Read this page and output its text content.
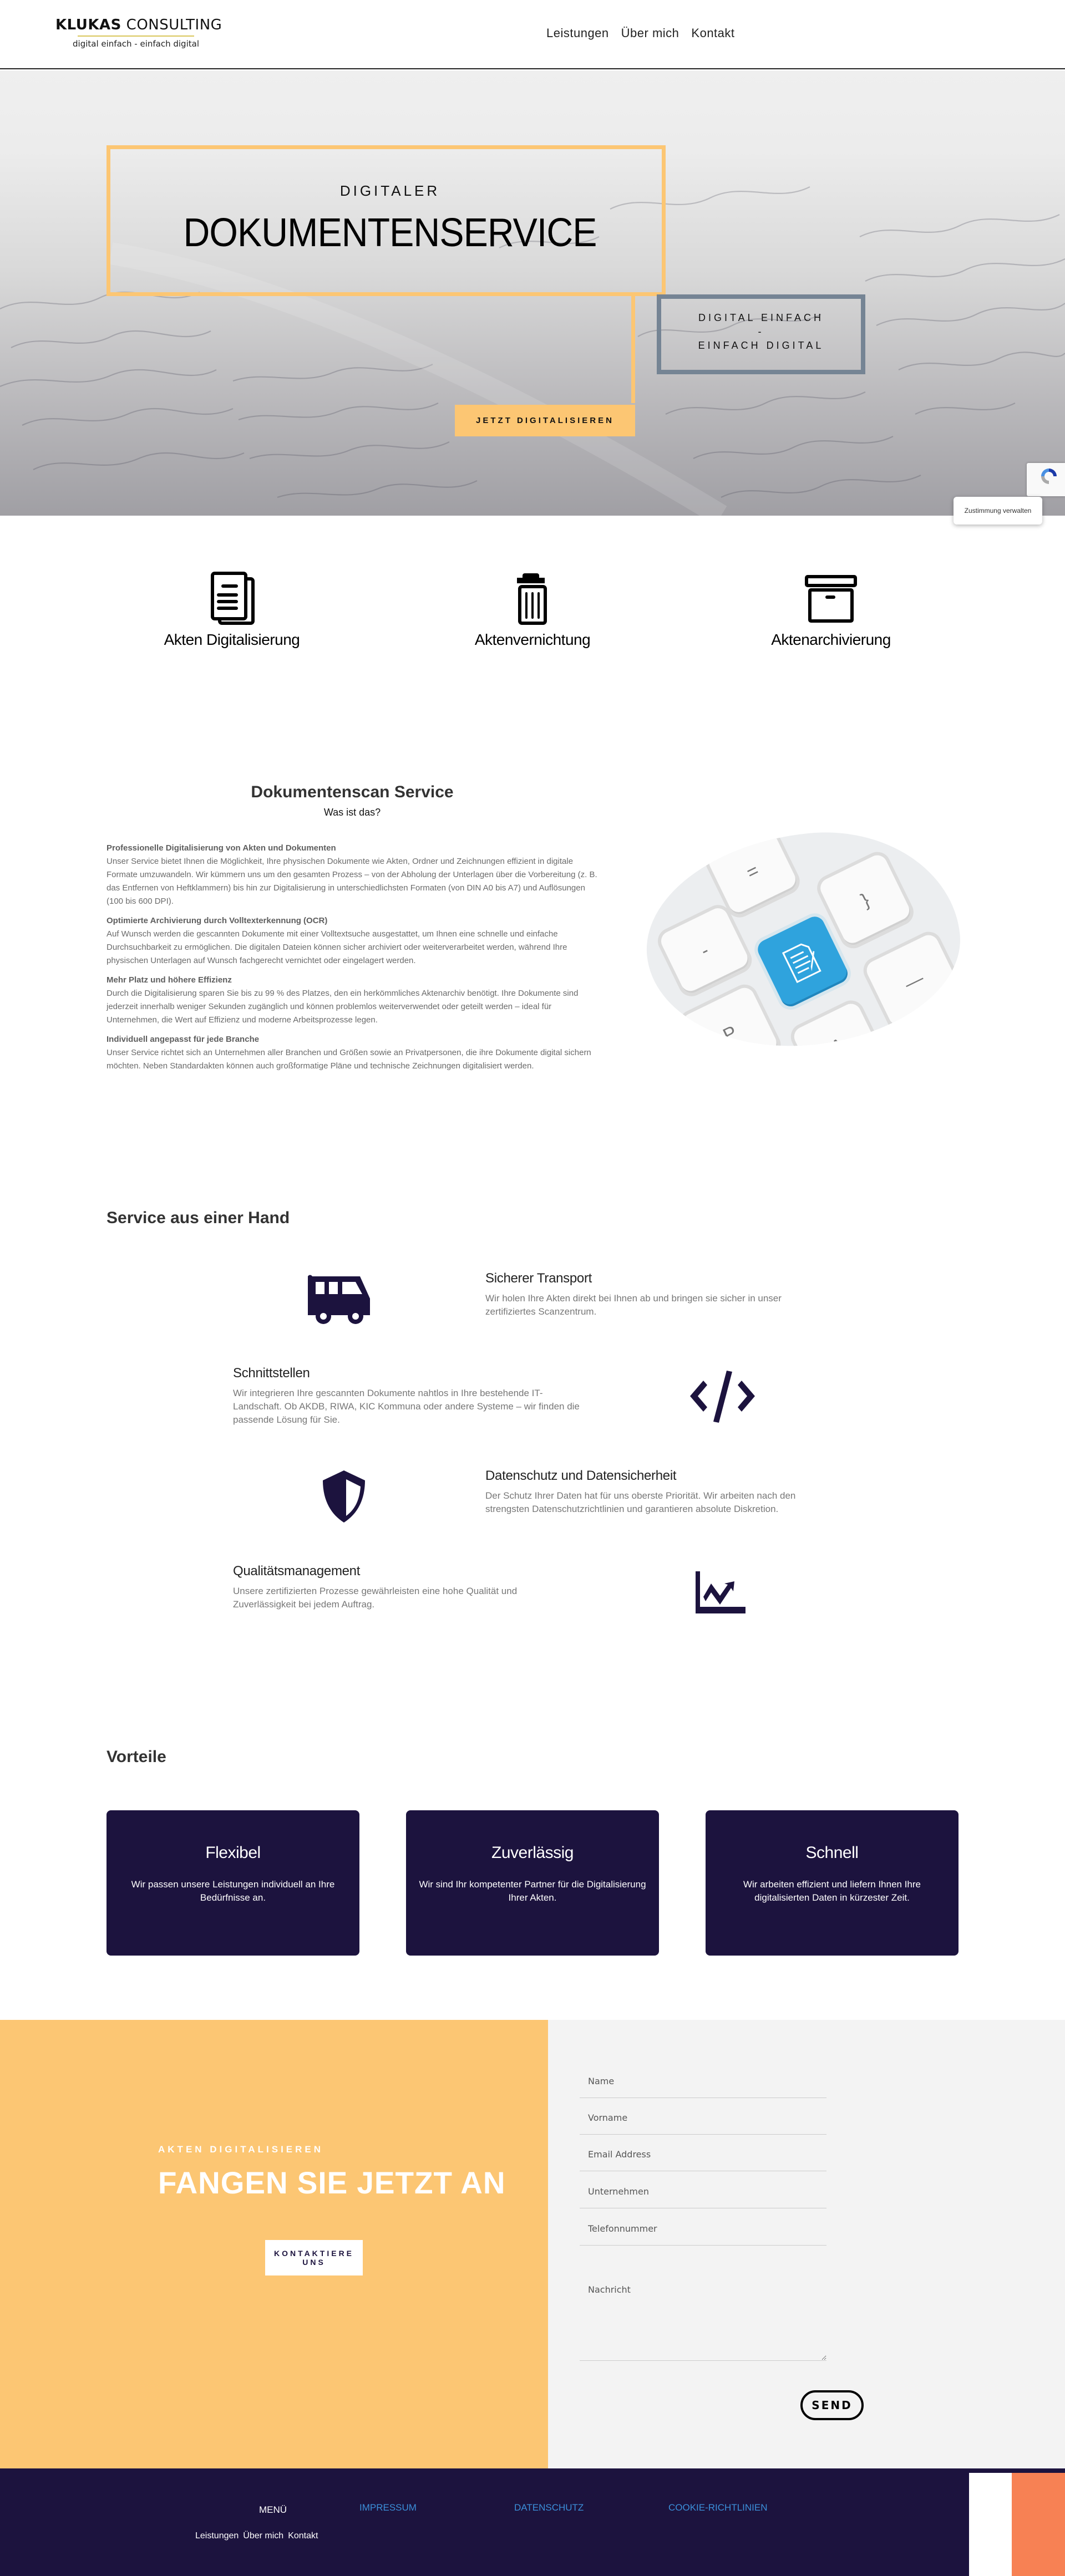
KLUKAS CONSULTING
digital einfach - einfach digital
Leistungen Über mich Kontakt
DIGITALER
DOKUMENTENSERVICE
DIGITAL EINFACH
-
EINFACH DIGITAL
JETZT DIGITALISIEREN
Zustimmung verwalten
Akten Digitalisierung	Aktenvernichtung	Aktenarchivierung
Dokumentenscan Service
Was ist das?

Professionelle Digitalisierung von Akten und Dokumenten
Unser Service bietet Ihnen die Möglichkeit, Ihre physischen Dokumente wie Akten, Ordner und Zeichnungen effizient in digitale Formate umzuwandeln. Wir kümmern uns um den gesamten Prozess – von der Abholung der Unterlagen über die Vorbereitung (z. B. das Entfernen von Heftklammern) bis hin zur Digitalisierung in unterschiedlichsten Formaten (von DIN A0 bis A7) und Auflösungen (100 bis 600 DPI).

Optimierte Archivierung durch Volltexterkennung (OCR)
Auf Wunsch werden die gescannten Dokumente mit einer Volltextsuche ausgestattet, um Ihnen eine schnelle und einfache Durchsuchbarkeit zu ermöglichen. Die digitalen Dateien können sicher archiviert oder weiterverarbeitet werden, während Ihre physischen Unterlagen auf Wunsch fachgerecht vernichtet oder eingelagert werden.

Mehr Platz und höhere Effizienz
Durch die Digitalisierung sparen Sie bis zu 99 % des Platzes, den ein herkömmliches Aktenarchiv benötigt. Ihre Dokumente sind jederzeit innerhalb weniger Sekunden zugänglich und können problemlos weiterverwendet oder geteilt werden – ideal für Unternehmen, die Wert auf Effizienz und moderne Arbeitsprozesse legen.

Individuell angepasst für jede Branche
Unser Service richtet sich an Unternehmen aller Branchen und Größen sowie an Privatpersonen, die ihre Dokumente digital sichern möchten. Neben Standardakten können auch großformatige Pläne und technische Zeichnungen digitalisiert werden.

=
-
}
P
—
A
Service aus einer Hand
Sicherer Transport
Wir holen Ihre Akten direkt bei Ihnen ab und bringen sie sicher in unser zertifiziertes Scanzentrum.
Schnittstellen
Wir integrieren Ihre gescannten Dokumente nahtlos in Ihre bestehende IT-Landschaft. Ob AKDB, RIWA, KIC Kommuna oder andere Systeme – wir finden die passende Lösung für Sie.
Datenschutz und Datensicherheit
Der Schutz Ihrer Daten hat für uns oberste Priorität. Wir arbeiten nach den strengsten Datenschutzrichtlinien und garantieren absolute Diskretion.
Qualitätsmanagement
Unsere zertifizierten Prozesse gewährleisten eine hohe Qualität und Zuverlässigkeit bei jedem Auftrag.
Vorteile
Flexibel

Wir passen unsere Leistungen individuell an Ihre Bedürfnisse an.

Zuverlässig

Wir sind Ihr kompetenter Partner für die Digitalisierung Ihrer Akten.

Schnell

Wir arbeiten effizient und liefern Ihnen Ihre digitalisierten Daten in kürzester Zeit.

AKTEN DIGITALISIEREN
FANGEN SIE JETZT AN
KONTAKTIERE UNS
Name
Vorname
Email Address
Unternehmen
Telefonnummer
Nachricht
SEND
MENÜ
Leistungen Über mich Kontakt
IMPRESSUM	DATENSCHUTZ	COOKIE-RICHTLINIEN
